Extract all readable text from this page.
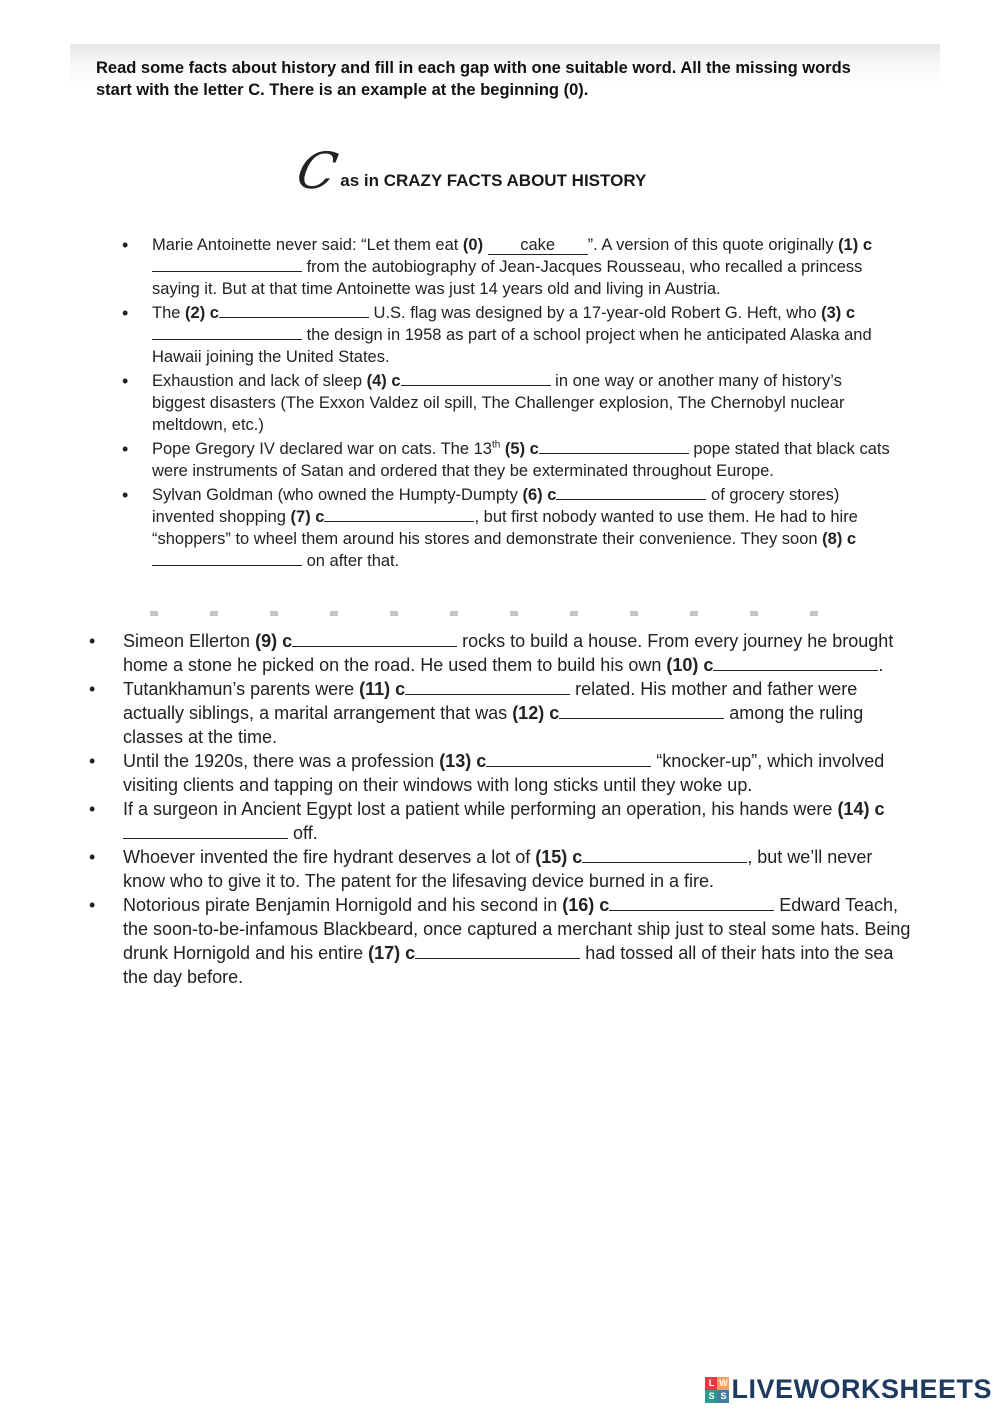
Read some facts about history and fill in each gap with one suitable word. All the missing words start with the letter C. There is an example at the beginning (0).
C
as in CRAZY FACTS ABOUT HISTORY
• Marie Antoinette never said: “Let them eat (0) cake ”. A version of this quote originally (1) c from the autobiography of Jean-Jacques Rousseau, who recalled a princess saying it. But at that time Antoinette was just 14 years old and living in Austria.
• The (2) c	U.S. flag was designed by a 17-year-old Robert G. Heft, who (3) c the design in 1958 as part of a school project when he anticipated Alaska and Hawaii joining the United States.
• Exhaustion and lack of sleep (4) c	in one way or another many of history’s biggest disasters (The Exxon Valdez oil spill, The Challenger explosion, The Chernobyl nuclear meltdown, etc.)
• Pope Gregory IV declared war on cats. The 13th (5) c	pope stated that black cats were instruments of Satan and ordered that they be exterminated throughout Europe.
• Sylvan Goldman (who owned the Humpty-Dumpty (6) c	of grocery stores) invented shopping (7) c	, but first nobody wanted to use them. He had to hire “shoppers” to wheel them around his stores and demonstrate their convenience. They soon (8) c on after that.
• Simeon Ellerton (9) c	rocks to build a house. From every journey he brought home a stone he picked on the road. He used them to build his own (10) c	.
• Tutankhamun’s parents were (11) c	related. His mother and father were actually siblings, a marital arrangement that was (12) c	among the ruling classes at the time.
• Until the 1920s, there was a profession (13) c	“knocker-up”, which involved visiting clients and tapping on their windows with long sticks until they woke up.
• If a surgeon in Ancient Egypt lost a patient while performing an operation, his hands were (14) c off.
• Whoever invented the fire hydrant deserves a lot of (15) c	, but we’ll never know who to give it to. The patent for the lifesaving device burned in a fire.
• Notorious pirate Benjamin Hornigold and his second in (16) c	Edward Teach, the soon-to-be-infamous Blackbeard, once captured a merchant ship just to steal some hats. Being drunk Hornigold and his entire (17) c	had tossed all of their hats into the sea the day before.
L W
S S LIVEWORKSHEETS
